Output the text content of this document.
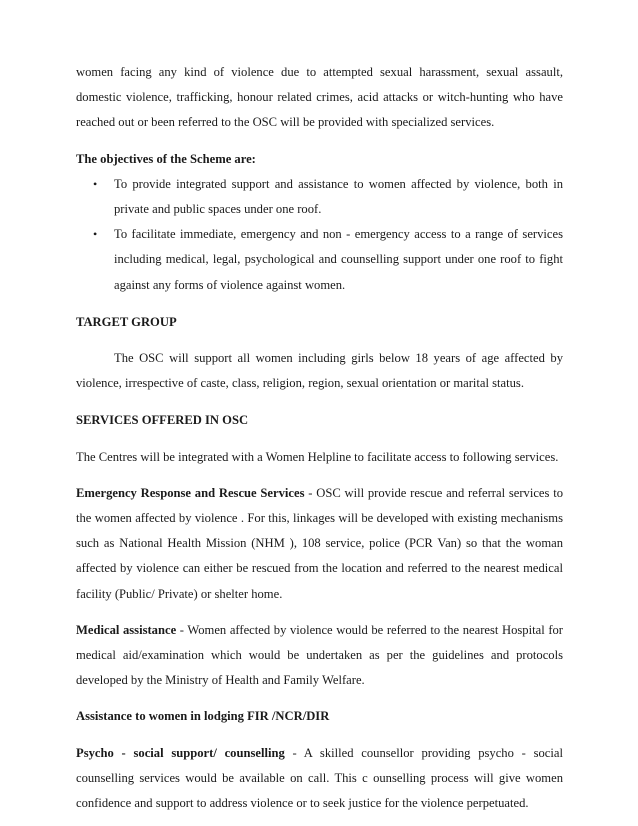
women facing any kind of violence due to attempted sexual harassment, sexual assault, domestic violence, trafficking, honour related crimes, acid attacks or witch-hunting who have reached out or been referred to the OSC will be provided with specialized services.

The objectives of the Scheme are:

• To provide integrated support and assistance to women affected by violence, both in private and public spaces under one roof.
• To facilitate immediate, emergency and non - emergency access to a range of services including medical, legal, psychological and counselling support under one roof to fight against any forms of violence against women.

TARGET GROUP

The OSC will support all women including girls below 18 years of age affected by violence, irrespective of caste, class, religion, region, sexual orientation or marital status.

SERVICES OFFERED IN OSC

The Centres will be integrated with a Women Helpline to facilitate access to following services.

Emergency Response and Rescue Services - OSC will provide rescue and referral services to the women affected by violence . For this, linkages will be developed with existing mechanisms such as National Health Mission (NHM ), 108 service, police (PCR Van) so that the woman affected by violence can either be rescued from the location and referred to the nearest medical facility (Public/ Private) or shelter home.

Medical assistance - Women affected by violence would be referred to the nearest Hospital for medical aid/examination which would be undertaken as per the guidelines and protocols developed by the Ministry of Health and Family Welfare.

Assistance to women in lodging FIR /NCR/DIR

Psycho - social support/ counselling - A skilled counsellor providing psycho - social counselling services would be available on call. This c ounselling process will give women confidence and support to address violence or to seek justice for the violence perpetuated.
